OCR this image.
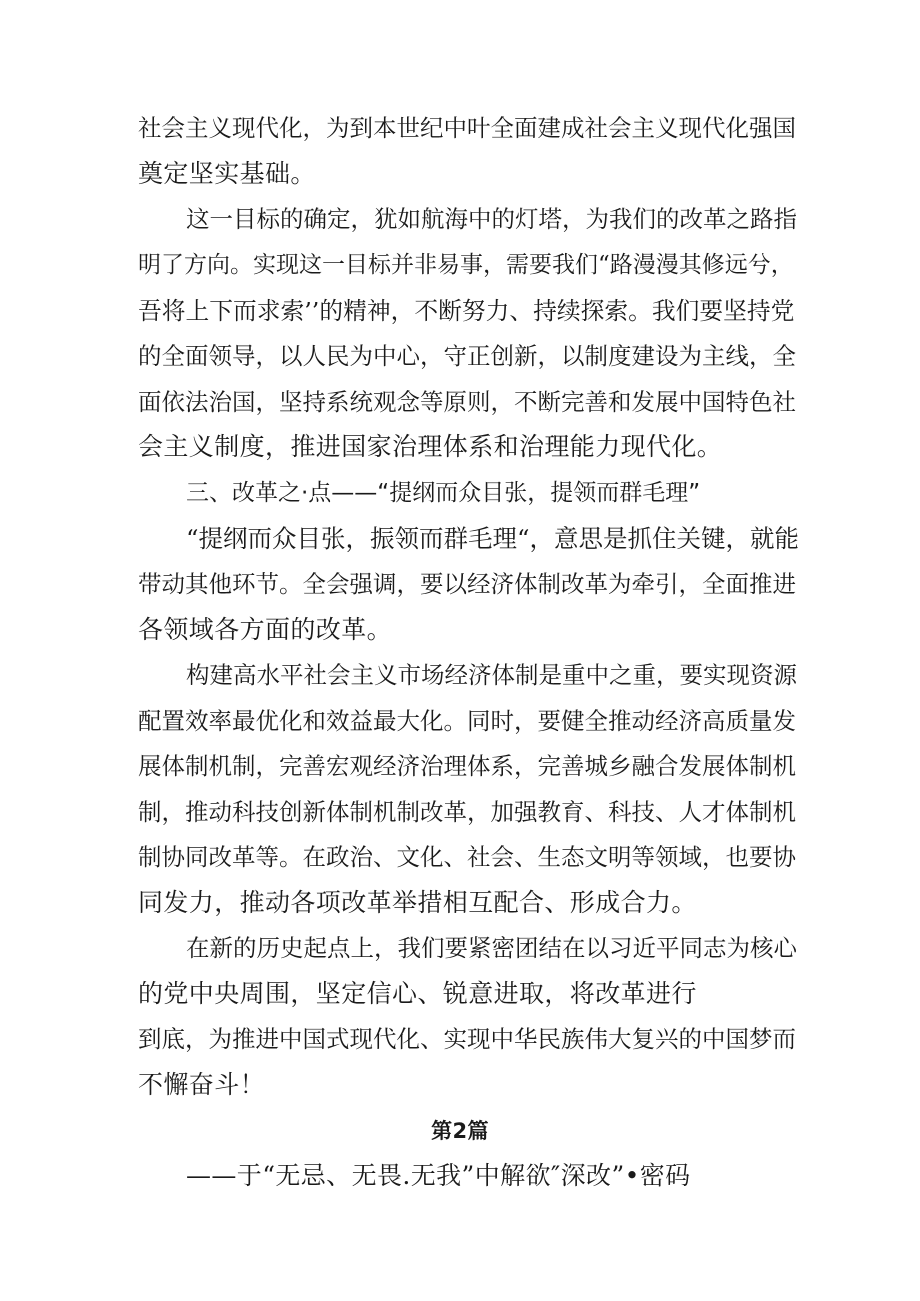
社会主义现代化，为到本世纪中叶全面建成社会主义现代化强国
奠定坚实基础。
这一目标的确定，犹如航海中的灯塔，为我们的改革之路指
明了方向。实现这一目标并非易事，需要我们“路漫漫其修远兮，
吾将上下而求索’’的精神，不断努力、持续探索。我们要坚持党
的全面领导，以人民为中心，守正创新，以制度建设为主线，全
面依法治国，坚持系统观念等原则，不断完善和发展中国特色社
会主义制度，推进国家治理体系和治理能力现代化。
三、改革之·点——“提纲而众目张，提领而群毛理”
“提纲而众目张，振领而群毛理“，意思是抓住关键，就能
带动其他环节。全会强调，要以经济体制改革为牵引，全面推进
各领域各方面的改革。
构建高水平社会主义市场经济体制是重中之重，要实现资源
配置效率最优化和效益最大化。同时，要健全推动经济高质量发
展体制机制，完善宏观经济治理体系，完善城乡融合发展体制机
制，推动科技创新体制机制改革，加强教育、科技、人才体制机
制协同改革等。在政治、文化、社会、生态文明等领域，也要协
同发力，推动各项改革举措相互配合、形成合力。
在新的历史起点上，我们要紧密团结在以习近平同志为核心
的党中央周围，坚定信心、锐意进取，将改革进行
到底，为推进中国式现代化、实现中华民族伟大复兴的中国梦而
不懈奋斗！
第2篇
——于“无忌、无畏.无我”中解欲″深改”•密码
